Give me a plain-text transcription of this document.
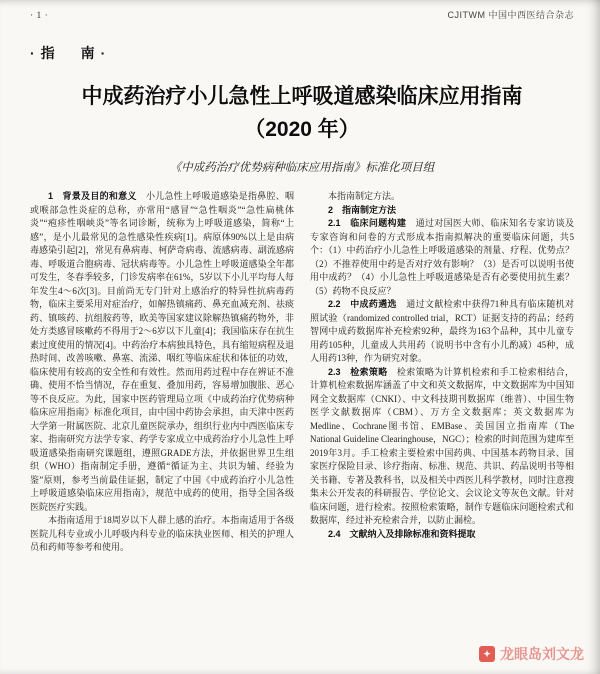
· 1 ·	CJITWM 中国中西医结合杂志
·指　南·
中成药治疗小儿急性上呼吸道感染临床应用指南
（2020 年）
《中成药治疗优势病种临床应用指南》标准化项目组

1　背景及目的和意义 小儿急性上呼吸道感染是指鼻腔、咽或喉部急性炎症的总称，亦常用“感冒”“急性咽炎”“急性扁桃体炎”“疱疹性咽峡炎”等名词诊断，统称为上呼吸道感染，简称“上感”，是小儿最常见的急性感染性疾病[1]。病原体90%以上是由病毒感染引起[2]，常见有鼻病毒、柯萨奇病毒、流感病毒、副流感病毒、呼吸道合胞病毒、冠状病毒等。小儿急性上呼吸道感染全年都可发生，冬春季较多，门诊发病率在61%，5岁以下小儿平均每人每年发生4～6次[3]。目前尚无专门针对上感治疗的特异性抗病毒药物，临床主要采用对症治疗，如解热镇痛药、鼻充血减充剂、祛痰药、镇咳药、抗组胺药等，欧美等国家建议除解热镇痛药物外，非处方类感冒咳嗽药不得用于2～6岁以下儿童[4]；我国临床存在抗生素过度使用的情况[4]。中药治疗本病独具特色，具有缩短病程及退热时间、改善咳嗽、鼻塞、流涕、咽红等临床症状和体征的功效，临床使用有较高的安全性和有效性。然而用药过程中存在辨证不准确、使用不恰当情况，存在重复、叠加用药，容易增加腹胀、恶心等不良反应。为此，国家中医药管理局立项《中成药治疗优势病种临床应用指南》标准化项目，由中国中药协会承担，由天津中医药大学第一附属医院、北京儿童医院承办，组织行业内中西医临床专家、指南研究方法学专家、药学专家成立中成药治疗小儿急性上呼吸道感染指南研究课题组，遵照GRADE方法，并依据世界卫生组织（WHO）指南制定手册，遵循“循证为主、共识为辅、经验为鉴”原则，参考当前最佳证据，制定了中国《中成药治疗小儿急性上呼吸道感染临床应用指南》，规范中成药的使用，指导全国各级医院医疗实践。

本指南适用于18周岁以下人群上感的治疗。本指南适用于各级医院儿科专业或小儿呼吸内科专业的临床执业医师、相关的护理人员和药师等参考和使用。

本指南制定方法。

2　指南制定方法

2.1　临床问题构建 通过对国医大师、临床知名专家访谈及专家咨询和问卷的方式形成本指南拟解决的重要临床问题，共5个：（1）中药治疗小儿急性上呼吸道感染的剂量、疗程、优势点？（2）不推荐使用中药是否对疗效有影响？（3）是否可以说明书使用中成药？（4）小儿急性上呼吸道感染是否有必要使用抗生素？（5）药物不良反应？

2.2　中成药遴选 通过文献检索中获得71种具有临床随机对照试验（randomized controlled trial，RCT）证据支持的药品；经药智网中成药数据库补充检索92种，最终为163个品种，其中儿童专用药105种，儿童成人共用药（说明书中含有小儿酌减）45种，成人用药13种，作为研究对象。

2.3　检索策略 检索策略为计算机检索和手工检索相结合，计算机检索数据库涵盖了中文和英文数据库，中文数据库为中国知网全文数据库（CNKI）、中文科技期刊数据库（维普）、中国生物医学文献数据库（CBM）、万方全文数据库；英文数据库为Medline、Cochrane图书馆、EMBase、美国国立指南库（The National Guideline Clearinghouse，NGC）；检索的时间范围为建库至2019年3月。手工检索主要检索中国药典、中国基本药物目录、国家医疗保险目录、诊疗指南、标准、规范、共识、药品说明书等相关书籍、专著及教科书，以及相关中西医儿科学教材，同时注意搜集未公开发表的科研报告、学位论文、会议论文等灰色文献。针对临床问题，进行检索。按照检索策略，制作专题临床问题检索式和数据库，经过补充检索合并，以防止漏检。

2.4　文献纳入及排除标准和资料提取

✦ 龙眼岛刘文龙
